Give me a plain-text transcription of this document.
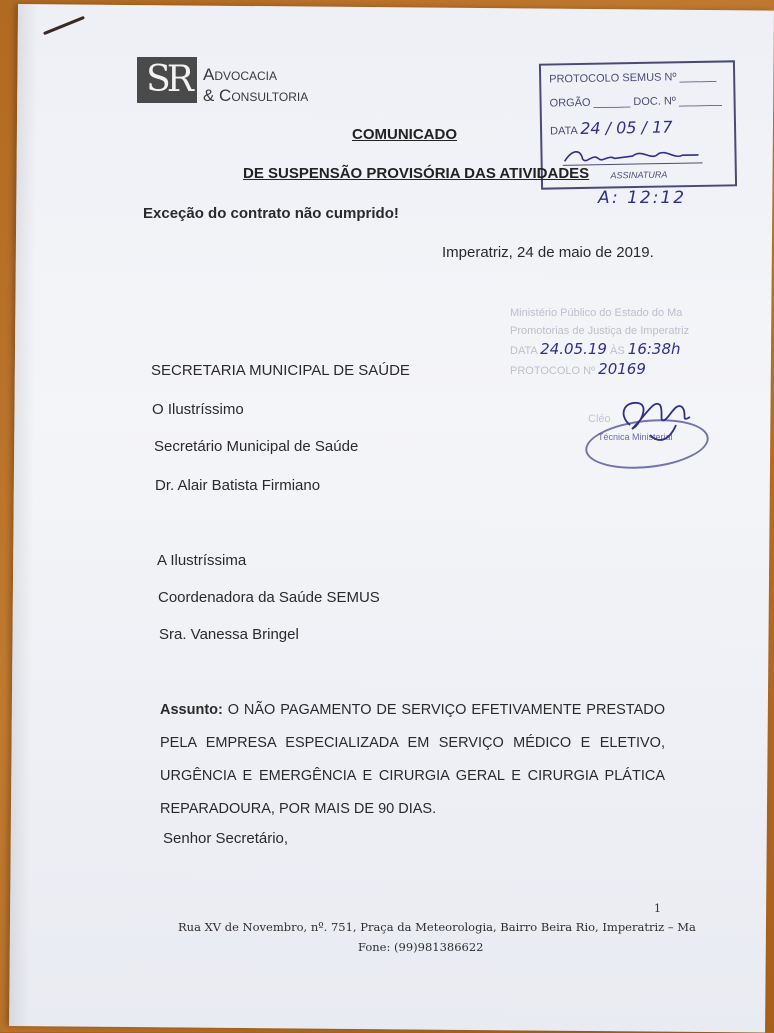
SR Advocacia
& Consultoria
PROTOCOLO SEMUS Nº ______
ORGÃO ______ DOC. Nº _______
DATA 24 / 05 / 17
ASSINATURA
A: 12:12
COMUNICADO
DE SUSPENSÃO PROVISÓRIA DAS ATIVIDADES
Exceção do contrato não cumprido!
Imperatriz, 24 de maio de 2019.
Ministério Público do Estado do Ma
Promotorias de Justiça de Imperatriz
DATA 24.05.19 ÀS 16:38h
PROTOCOLO Nº 20169
Cléo
Técnica Ministerial
SECRETARIA MUNICIPAL DE SAÚDE
O Ilustríssimo
Secretário Municipal de Saúde
Dr. Alair Batista Firmiano
A Ilustríssima
Coordenadora da Saúde SEMUS
Sra. Vanessa Bringel
Assunto: O NÃO PAGAMENTO DE SERVIÇO EFETIVAMENTE PRESTADO PELA EMPRESA ESPECIALIZADA EM SERVIÇO MÉDICO E ELETIVO, URGÊNCIA E EMERGÊNCIA E CIRURGIA GERAL E CIRURGIA PLÁTICA REPARADOURA, POR MAIS DE 90 DIAS.
Senhor Secretário,
1
Rua XV de Novembro, nº. 751, Praça da Meteorologia, Bairro Beira Rio, Imperatriz – Ma
Fone: (99)981386622
